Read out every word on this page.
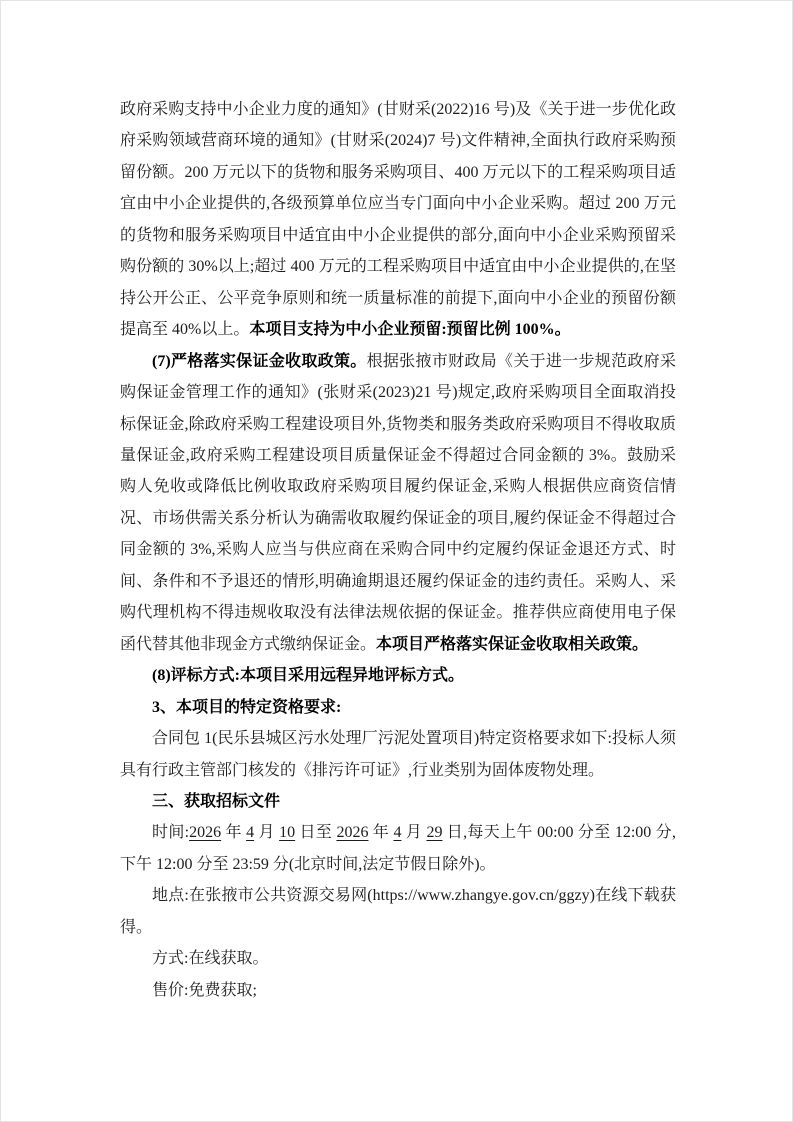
政府采购支持中小企业力度的通知》(甘财采(2022)16 号)及《关于进一步优化政府采购领域营商环境的通知》(甘财采(2024)7 号)文件精神,全面执行政府采购预留份额。200 万元以下的货物和服务采购项目、400 万元以下的工程采购项目适宜由中小企业提供的,各级预算单位应当专门面向中小企业采购。超过 200 万元的货物和服务采购项目中适宜由中小企业提供的部分,面向中小企业采购预留采购份额的 30%以上;超过 400 万元的工程采购项目中适宜由中小企业提供的,在坚持公开公正、公平竞争原则和统一质量标准的前提下,面向中小企业的预留份额提高至 40%以上。本项目支持为中小企业预留:预留比例 100%。

(7)严格落实保证金收取政策。根据张掖市财政局《关于进一步规范政府采购保证金管理工作的通知》(张财采(2023)21 号)规定,政府采购项目全面取消投标保证金,除政府采购工程建设项目外,货物类和服务类政府采购项目不得收取质量保证金,政府采购工程建设项目质量保证金不得超过合同金额的 3%。鼓励采购人免收或降低比例收取政府采购项目履约保证金,采购人根据供应商资信情况、市场供需关系分析认为确需收取履约保证金的项目,履约保证金不得超过合同金额的 3%,采购人应当与供应商在采购合同中约定履约保证金退还方式、时间、条件和不予退还的情形,明确逾期退还履约保证金的违约责任。采购人、采购代理机构不得违规收取没有法律法规依据的保证金。推荐供应商使用电子保函代替其他非现金方式缴纳保证金。本项目严格落实保证金收取相关政策。

(8)评标方式:本项目采用远程异地评标方式。

3、本项目的特定资格要求:

合同包 1(民乐县城区污水处理厂污泥处置项目)特定资格要求如下:投标人须具有行政主管部门核发的《排污许可证》,行业类别为固体废物处理。

三、获取招标文件

时间:2026 年 4 月 10 日至 2026 年 4 月 29 日,每天上午 00:00 分至 12:00 分,下午 12:00 分至 23:59 分(北京时间,法定节假日除外)。

地点:在张掖市公共资源交易网(https://www.zhangye.gov.cn/ggzy)在线下载获得。

方式:在线获取。

售价:免费获取;
